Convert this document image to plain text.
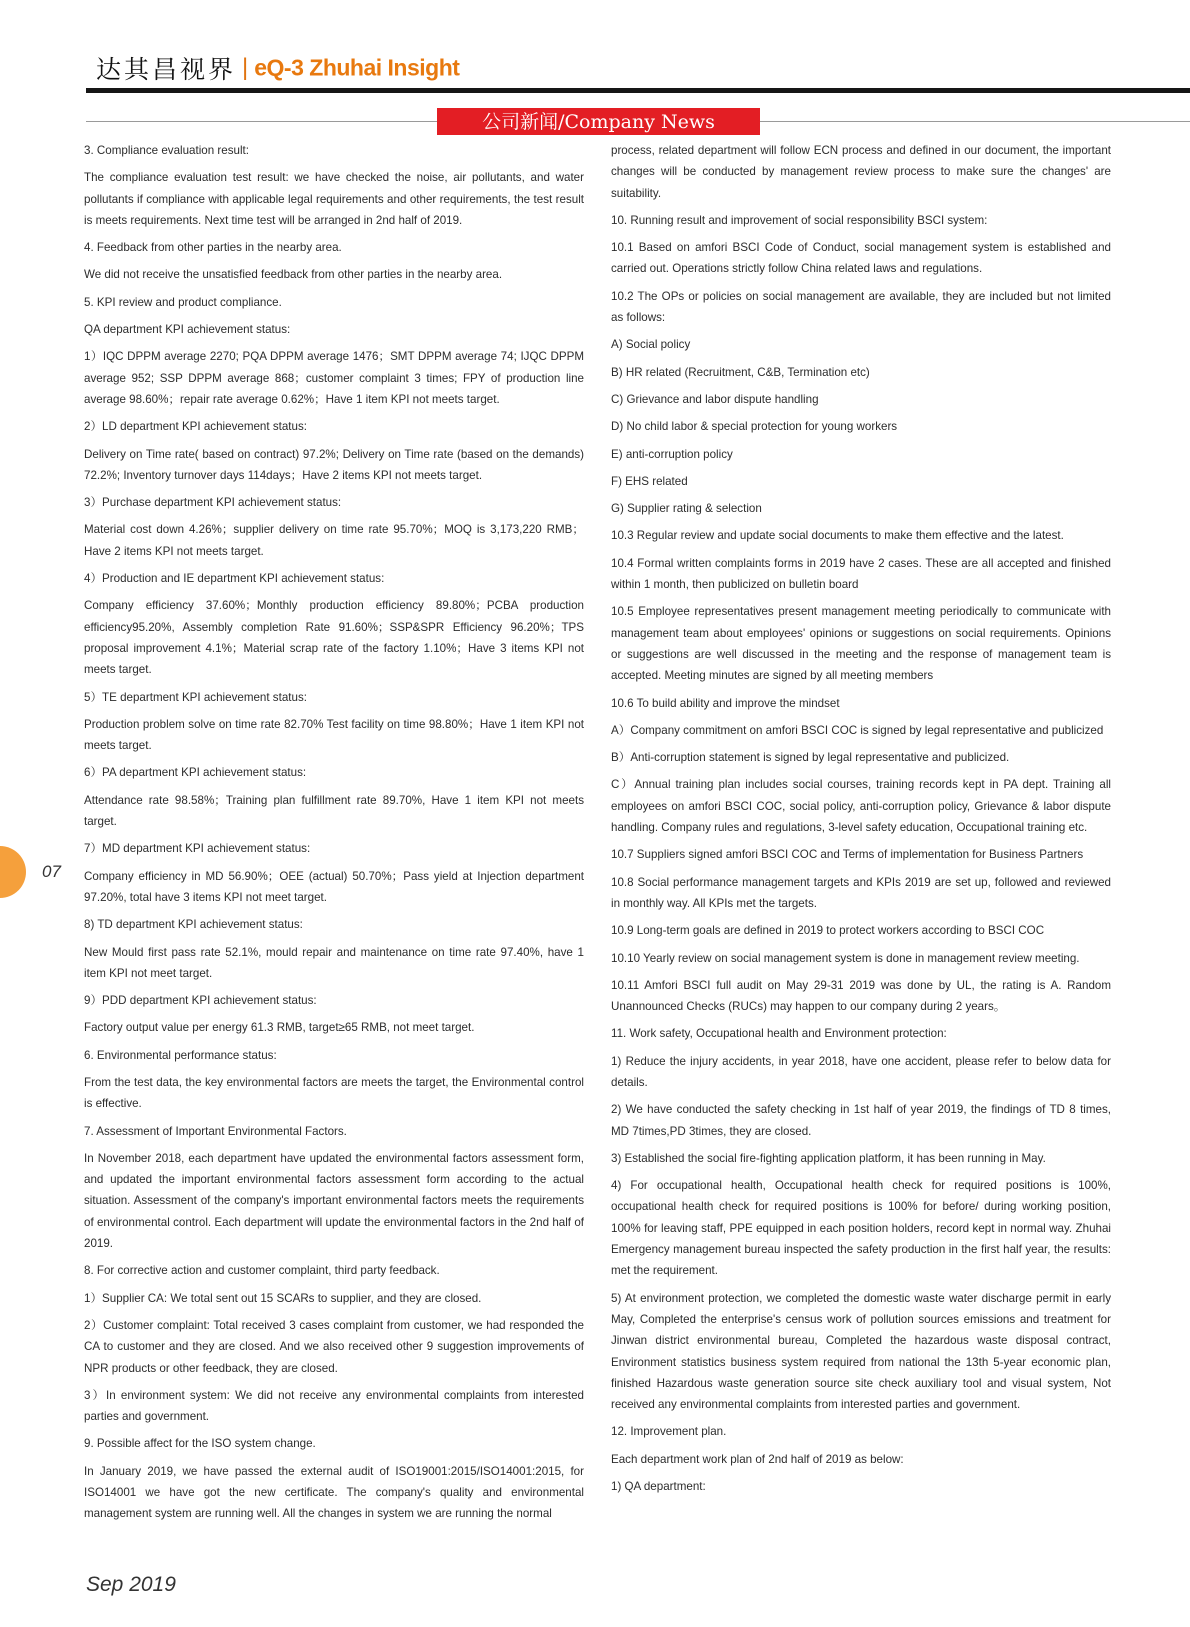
达其昌视界 | eQ-3 Zhuhai Insight
公司新闻/Company News

3. Compliance evaluation result:

The compliance evaluation test result: we have checked the noise, air pollutants, and water pollutants if compliance with applicable legal requirements and other requirements, the test result is meets requirements. Next time test will be arranged in 2nd half of 2019.

4. Feedback from other parties in the nearby area.

We did not receive the unsatisfied feedback from other parties in the nearby area.

5. KPI review and product compliance.

QA department KPI achievement status:

1）IQC DPPM average 2270; PQA DPPM average 1476；SMT DPPM average 74; IJQC DPPM average 952; SSP DPPM average 868；customer complaint 3 times; FPY of production line average 98.60%；repair rate average 0.62%；Have 1 item KPI not meets target.

2）LD department KPI achievement status:

Delivery on Time rate( based on contract) 97.2%; Delivery on Time rate (based on the demands) 72.2%; Inventory turnover days 114days；Have 2 items KPI not meets target.

3）Purchase department KPI achievement status:

Material cost down 4.26%；supplier delivery on time rate 95.70%；MOQ is 3,173,220 RMB；Have 2 items KPI not meets target.

4）Production and IE department KPI achievement status:

Company efficiency 37.60%；Monthly production efficiency 89.80%；PCBA production efficiency95.20%, Assembly completion Rate 91.60%；SSP&SPR Efficiency 96.20%；TPS proposal improvement 4.1%；Material scrap rate of the factory 1.10%；Have 3 items KPI not meets target.

5）TE department KPI achievement status:

Production problem solve on time rate 82.70% Test facility on time 98.80%；Have 1 item KPI not meets target.

6）PA department KPI achievement status:

Attendance rate 98.58%；Training plan fulfillment rate 89.70%, Have 1 item KPI not meets target.

7）MD department KPI achievement status:

Company efficiency in MD 56.90%；OEE (actual) 50.70%；Pass yield at Injection department 97.20%, total have 3 items KPI not meet target.

8) TD department KPI achievement status:

New Mould first pass rate 52.1%, mould repair and maintenance on time rate 97.40%, have 1 item KPI not meet target.

9）PDD department KPI achievement status:

Factory output value per energy 61.3 RMB, target≥65 RMB, not meet target.

6. Environmental performance status:

From the test data, the key environmental factors are meets the target, the Environmental control is effective.

7. Assessment of Important Environmental Factors.

In November 2018, each department have updated the environmental factors assessment form, and updated the important environmental factors assessment form according to the actual situation. Assessment of the company's important environmental factors meets the requirements of environmental control. Each department will update the environmental factors in the 2nd half of 2019.

8. For corrective action and customer complaint, third party feedback.

1）Supplier CA: We total sent out 15 SCARs to supplier, and they are closed.

2）Customer complaint: Total received 3 cases complaint from customer, we had responded the CA to customer and they are closed. And we also received other 9 suggestion improvements of NPR products or other feedback, they are closed.

3）In environment system: We did not receive any environmental complaints from interested parties and government.

9. Possible affect for the ISO system change.

In January 2019, we have passed the external audit of ISO19001:2015/ISO14001:2015, for ISO14001 we have got the new certificate. The company's quality and environmental management system are running well. All the changes in system we are running the normal

process, related department will follow ECN process and defined in our document, the important changes will be conducted by management review process to make sure the changes' are suitability.

10. Running result and improvement of social responsibility BSCI system:

10.1 Based on amfori BSCI Code of Conduct, social management system is established and carried out. Operations strictly follow China related laws and regulations.

10.2 The OPs or policies on social management are available, they are included but not limited as follows:

A) Social policy

B) HR related (Recruitment, C&B, Termination etc)

C) Grievance and labor dispute handling

D) No child labor & special protection for young workers

E) anti-corruption policy

F) EHS related

G) Supplier rating & selection

10.3 Regular review and update social documents to make them effective and the latest.

10.4 Formal written complaints forms in 2019 have 2 cases. These are all accepted and finished within 1 month, then publicized on bulletin board

10.5 Employee representatives present management meeting periodically to communicate with management team about employees' opinions or suggestions on social requirements. Opinions or suggestions are well discussed in the meeting and the response of management team is accepted. Meeting minutes are signed by all meeting members

10.6 To build ability and improve the mindset

A）Company commitment on amfori BSCI COC is signed by legal representative and publicized

B）Anti-corruption statement is signed by legal representative and publicized.

C）Annual training plan includes social courses, training records kept in PA dept. Training all employees on amfori BSCI COC, social policy, anti-corruption policy, Grievance & labor dispute handling. Company rules and regulations, 3-level safety education, Occupational training etc.

10.7 Suppliers signed amfori BSCI COC and Terms of implementation for Business Partners

10.8 Social performance management targets and KPIs 2019 are set up, followed and reviewed in monthly way. All KPIs met the targets.

10.9 Long-term goals are defined in 2019 to protect workers according to BSCI COC

10.10 Yearly review on social management system is done in management review meeting.

10.11 Amfori BSCI full audit on May 29-31 2019 was done by UL, the rating is A. Random Unannounced Checks (RUCs) may happen to our company during 2 years。

11. Work safety, Occupational health and Environment protection:

1) Reduce the injury accidents, in year 2018, have one accident, please refer to below data for details.

2) We have conducted the safety checking in 1st half of year 2019, the findings of TD 8 times, MD 7times,PD 3times, they are closed.

3) Established the social fire-fighting application platform, it has been running in May.

4) For occupational health, Occupational health check for required positions is 100%, occupational health check for required positions is 100% for before/ during working position, 100% for leaving staff, PPE equipped in each position holders, record kept in normal way. Zhuhai Emergency management bureau inspected the safety production in the first half year, the results: met the requirement.

5) At environment protection, we completed the domestic waste water discharge permit in early May, Completed the enterprise's census work of pollution sources emissions and treatment for Jinwan district environmental bureau, Completed the hazardous waste disposal contract, Environment statistics business system required from national the 13th 5-year economic plan, finished Hazardous waste generation source site check auxiliary tool and visual system, Not received any environmental complaints from interested parties and government.

12. Improvement plan.

Each department work plan of 2nd half of 2019 as below:

1) QA department:

07
Sep 2019
